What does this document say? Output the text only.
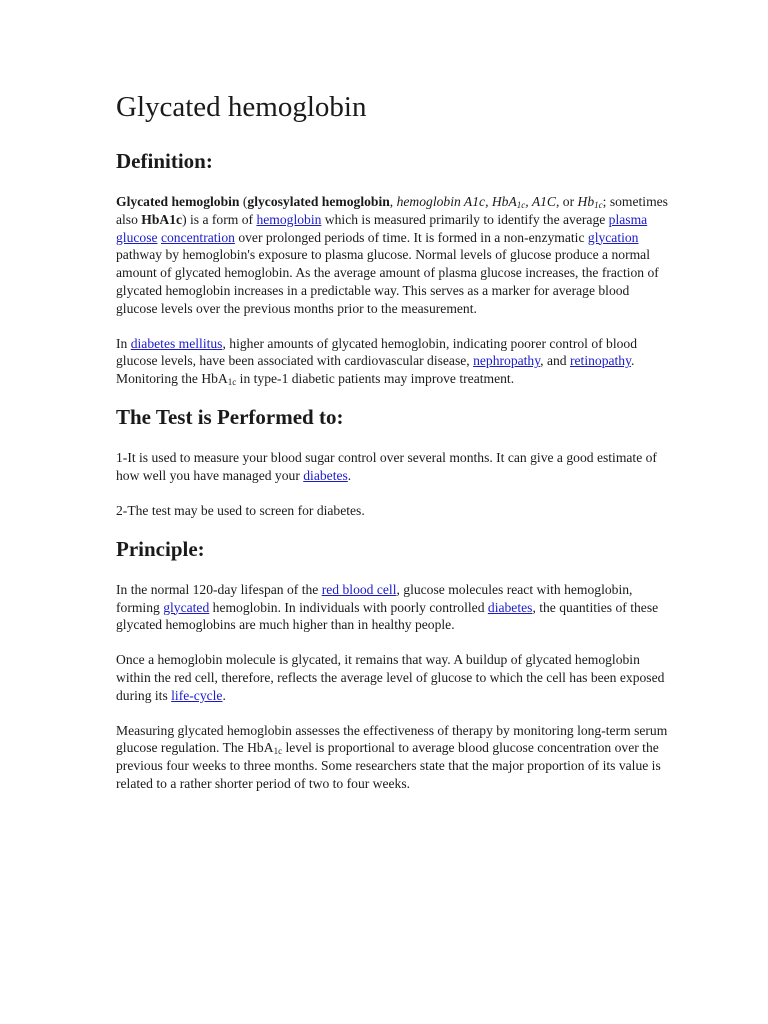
Glycated hemoglobin
Definition:

Glycated hemoglobin (glycosylated hemoglobin, hemoglobin A1c, HbA$_{1c}$, A1C, or $Hb_{1c}$; sometimes also HbA1c) is a form of hemoglobin which is measured primarily to identify the average plasma glucose concentration over prolonged periods of time. It is formed in a non-enzymatic glycation pathway by hemoglobin's exposure to plasma glucose. Normal levels of glucose produce a normal amount of glycated hemoglobin. As the average amount of plasma glucose increases, the fraction of glycated hemoglobin increases in a predictable way. This serves as a marker for average blood glucose levels over the previous months prior to the measurement.

In diabetes mellitus, higher amounts of glycated hemoglobin, indicating poorer control of blood glucose levels, have been associated with cardiovascular disease, nephropathy, and retinopathy. Monitoring the HbA$_{1c}$ in type-1 diabetic patients may improve treatment.

The Test is Performed to:

1-It is used to measure your blood sugar control over several months. It can give a good estimate of how well you have managed your diabetes.

2-The test may be used to screen for diabetes.

Principle:

In the normal 120-day lifespan of the red blood cell, glucose molecules react with hemoglobin, forming glycated hemoglobin. In individuals with poorly controlled diabetes, the quantities of these glycated hemoglobins are much higher than in healthy people.

Once a hemoglobin molecule is glycated, it remains that way. A buildup of glycated hemoglobin within the red cell, therefore, reflects the average level of glucose to which the cell has been exposed during its life-cycle.

Measuring glycated hemoglobin assesses the effectiveness of therapy by monitoring long-term serum glucose regulation. The HbA$_{1c}$ level is proportional to average blood glucose concentration over the previous four weeks to three months. Some researchers state that the major proportion of its value is related to a rather shorter period of two to four weeks.
